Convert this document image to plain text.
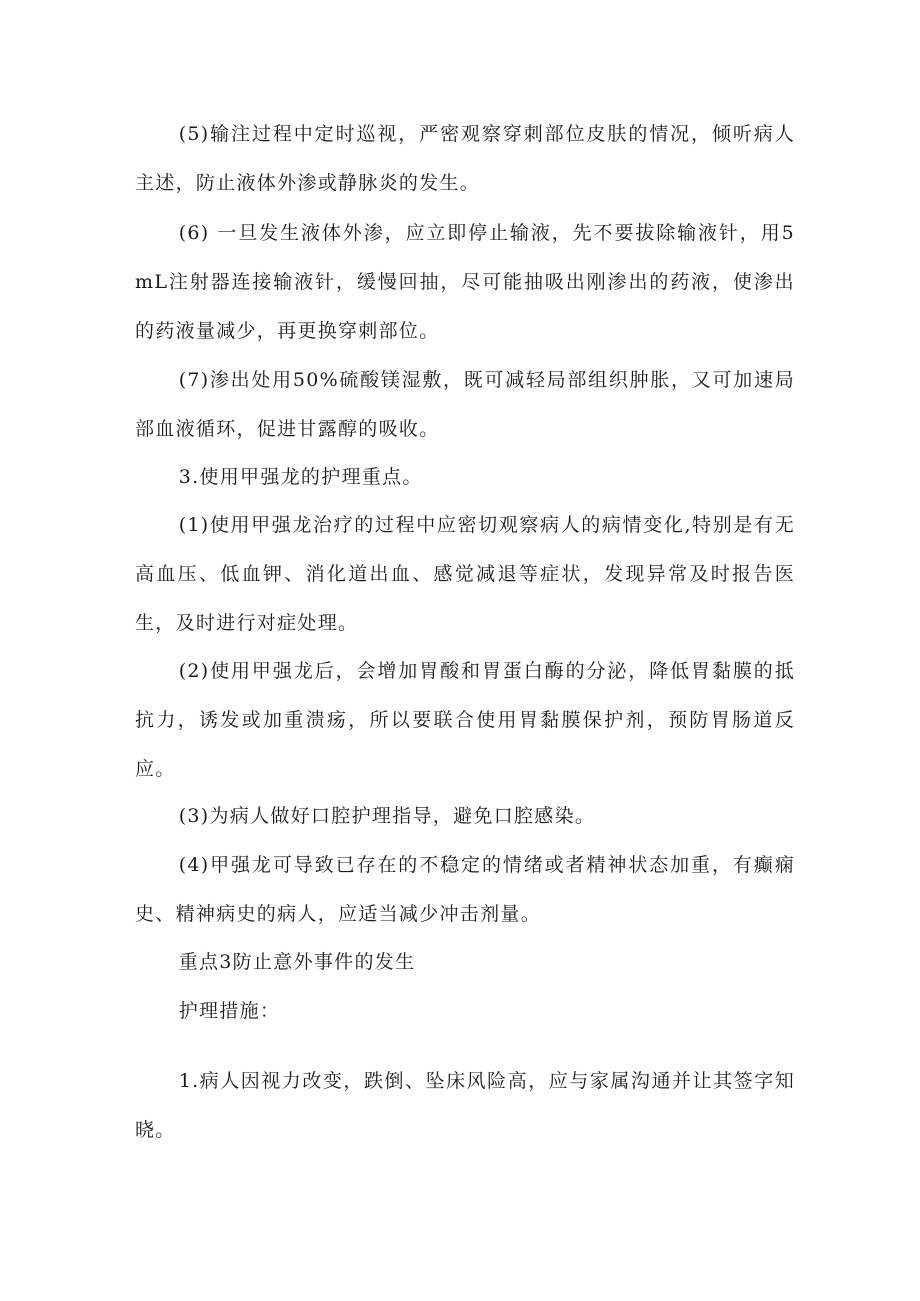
(5)输注过程中定时巡视，严密观察穿刺部位皮肤的情况，倾听病人主述，防止液体外渗或静脉炎的发生。

(6) 一旦发生液体外渗，应立即停止输液，先不要拔除输液针，用5mL注射器连接输液针，缓慢回抽，尽可能抽吸出刚渗出的药液，使渗出的药液量减少，再更换穿刺部位。

(7)渗出处用50%硫酸镁湿敷，既可减轻局部组织肿胀，又可加速局部血液循环，促进甘露醇的吸收。

3.使用甲强龙的护理重点。

(1)使用甲强龙治疗的过程中应密切观察病人的病情变化,特别是有无高血压、低血钾、消化道出血、感觉减退等症状，发现异常及时报告医生，及时进行对症处理。

(2)使用甲强龙后，会增加胃酸和胃蛋白酶的分泌，降低胃黏膜的抵抗力，诱发或加重溃疡，所以要联合使用胃黏膜保护剂，预防胃肠道反应。

(3)为病人做好口腔护理指导，避免口腔感染。

(4)甲强龙可导致已存在的不稳定的情绪或者精神状态加重，有癫痫史、精神病史的病人，应适当减少冲击剂量。

重点3防止意外事件的发生

护理措施：

1.病人因视力改变，跌倒、坠床风险高，应与家属沟通并让其签字知晓。
